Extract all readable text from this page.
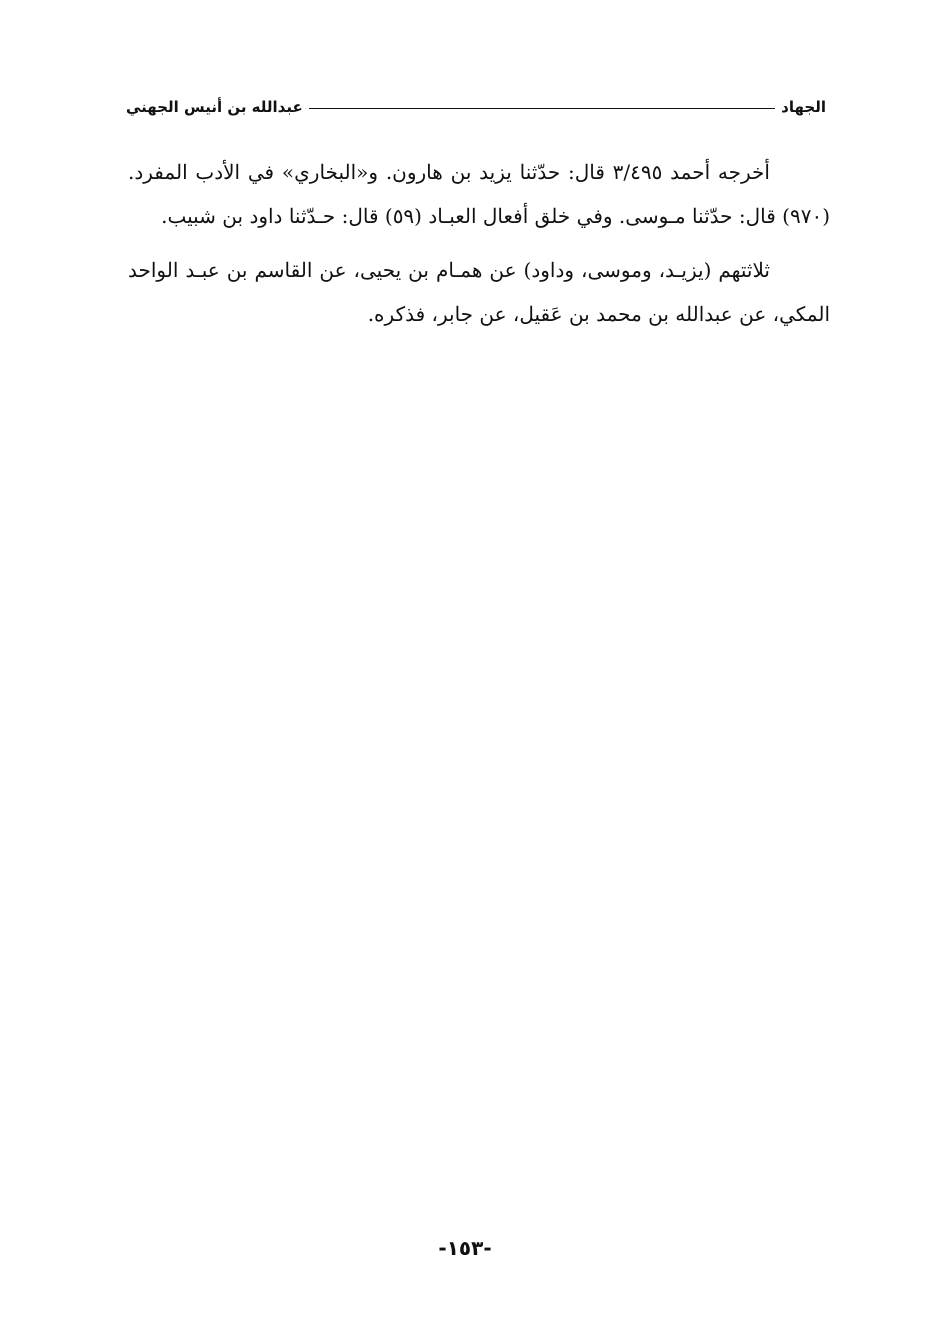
الجهاد
عبدالله بن أنيس الجهني

أخرجه أحمد ٣/٤٩٥ قال: حدّثنا يزيد بن هارون. و«البخاري» في الأدب المفرد. (٩٧٠) قال: حدّثنا مـوسى. وفي خلق أفعال العبـاد (٥٩) قال: حـدّثنا داود بن شبيب.

ثلاثتهم (يزيـد، وموسى، وداود) عن همـام بن يحيى، عن القاسم بن عبـد الواحد المكي، عن عبدالله بن محمد بن عَقيل، عن جابر، فذكره.

-١٥٣-
